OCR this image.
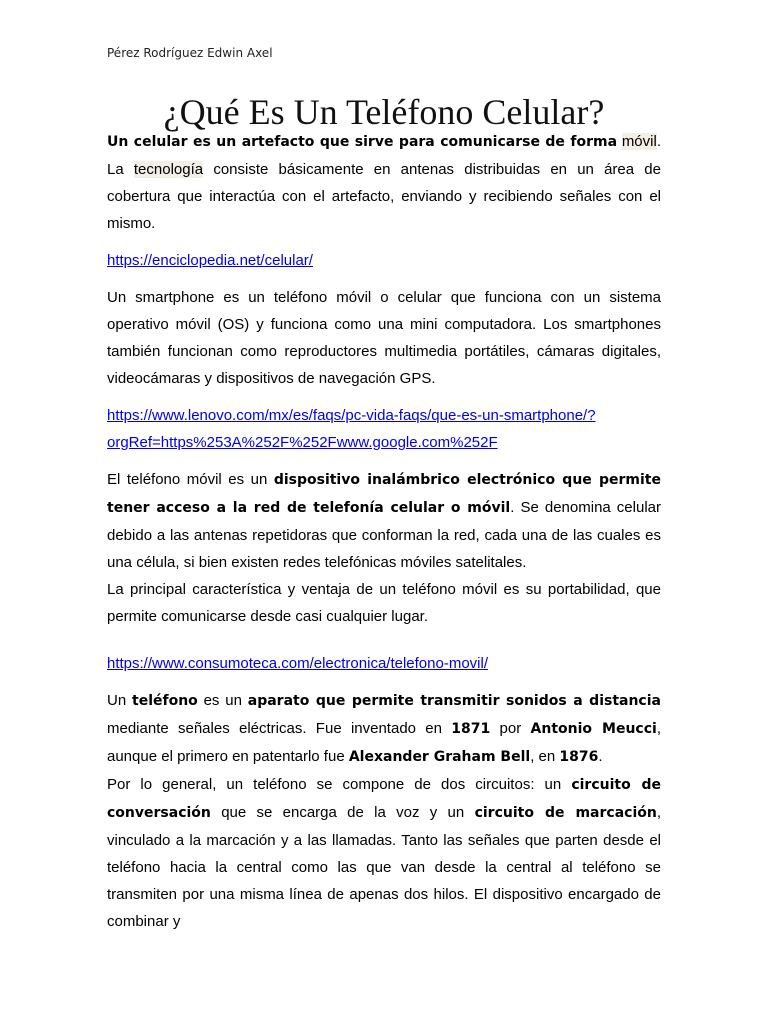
Pérez Rodríguez Edwin Axel
¿Qué Es Un Teléfono Celular?

Un celular es un artefacto que sirve para comunicarse de forma móvil. La tecnología consiste básicamente en antenas distribuidas en un área de cobertura que interactúa con el artefacto, enviando y recibiendo señales con el mismo.

https://enciclopedia.net/celular/

Un smartphone es un teléfono móvil o celular que funciona con un sistema operativo móvil (OS) y funciona como una mini computadora. Los smartphones también funcionan como reproductores multimedia portátiles, cámaras digitales, videocámaras y dispositivos de navegación GPS.

https://www.lenovo.com/mx/es/faqs/pc-vida-faqs/que-es-un-smartphone/?
orgRef=https%253A%252F%252Fwww.google.com%252F

El teléfono móvil es un dispositivo inalámbrico electrónico que permite tener acceso a la red de telefonía celular o móvil. Se denomina celular debido a las antenas repetidoras que conforman la red, cada una de las cuales es una célula, si bien existen redes telefónicas móviles satelitales.

La principal característica y ventaja de un teléfono móvil es su portabilidad, que permite comunicarse desde casi cualquier lugar.

https://www.consumoteca.com/electronica/telefono-movil/

Un teléfono es un aparato que permite transmitir sonidos a distancia mediante señales eléctricas. Fue inventado en 1871 por Antonio Meucci, aunque el primero en patentarlo fue Alexander Graham Bell, en 1876.

Por lo general, un teléfono se compone de dos circuitos: un circuito de conversación que se encarga de la voz y un circuito de marcación, vinculado a la marcación y a las llamadas. Tanto las señales que parten desde el teléfono hacia la central como las que van desde la central al teléfono se transmiten por una misma línea de apenas dos hilos. El dispositivo encargado de combinar y
